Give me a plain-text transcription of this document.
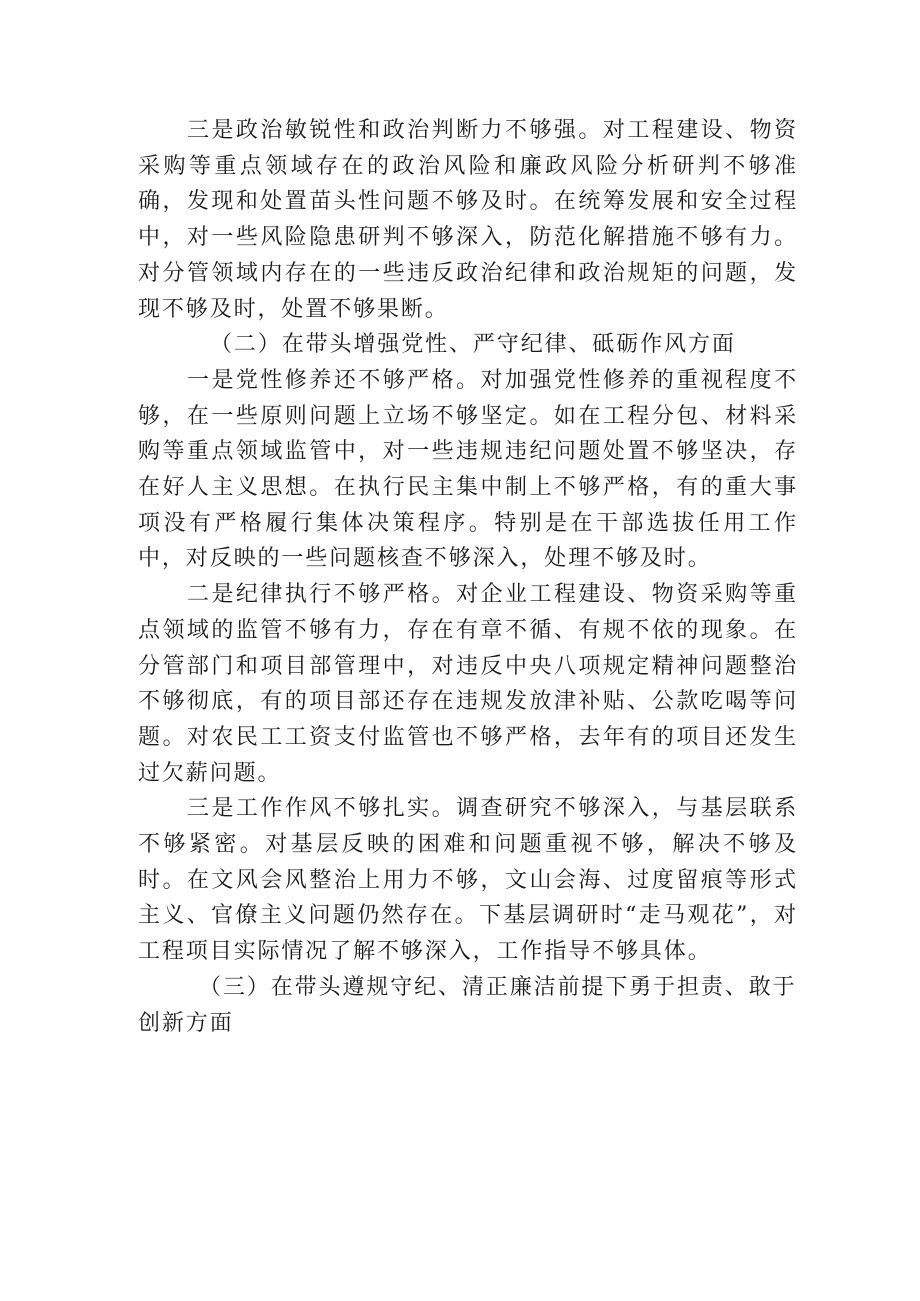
三是政治敏锐性和政治判断力不够强。对工程建设、物资采购等重点领域存在的政治风险和廉政风险分析研判不够准确，发现和处置苗头性问题不够及时。在统筹发展和安全过程中，对一些风险隐患研判不够深入，防范化解措施不够有力。对分管领域内存在的一些违反政治纪律和政治规矩的问题，发现不够及时，处置不够果断。

（二）在带头增强党性、严守纪律、砥砺作风方面

一是党性修养还不够严格。对加强党性修养的重视程度不够，在一些原则问题上立场不够坚定。如在工程分包、材料采购等重点领域监管中，对一些违规违纪问题处置不够坚决，存在好人主义思想。在执行民主集中制上不够严格，有的重大事项没有严格履行集体决策程序。特别是在干部选拔任用工作中，对反映的一些问题核查不够深入，处理不够及时。

二是纪律执行不够严格。对企业工程建设、物资采购等重点领域的监管不够有力，存在有章不循、有规不依的现象。在分管部门和项目部管理中，对违反中央八项规定精神问题整治不够彻底，有的项目部还存在违规发放津补贴、公款吃喝等问题。对农民工工资支付监管也不够严格，去年有的项目还发生过欠薪问题。

三是工作作风不够扎实。调查研究不够深入，与基层联系不够紧密。对基层反映的困难和问题重视不够，解决不够及时。在文风会风整治上用力不够，文山会海、过度留痕等形式主义、官僚主义问题仍然存在。下基层调研时“走马观花”，对工程项目实际情况了解不够深入，工作指导不够具体。

（三）在带头遵规守纪、清正廉洁前提下勇于担责、敢于创新方面
